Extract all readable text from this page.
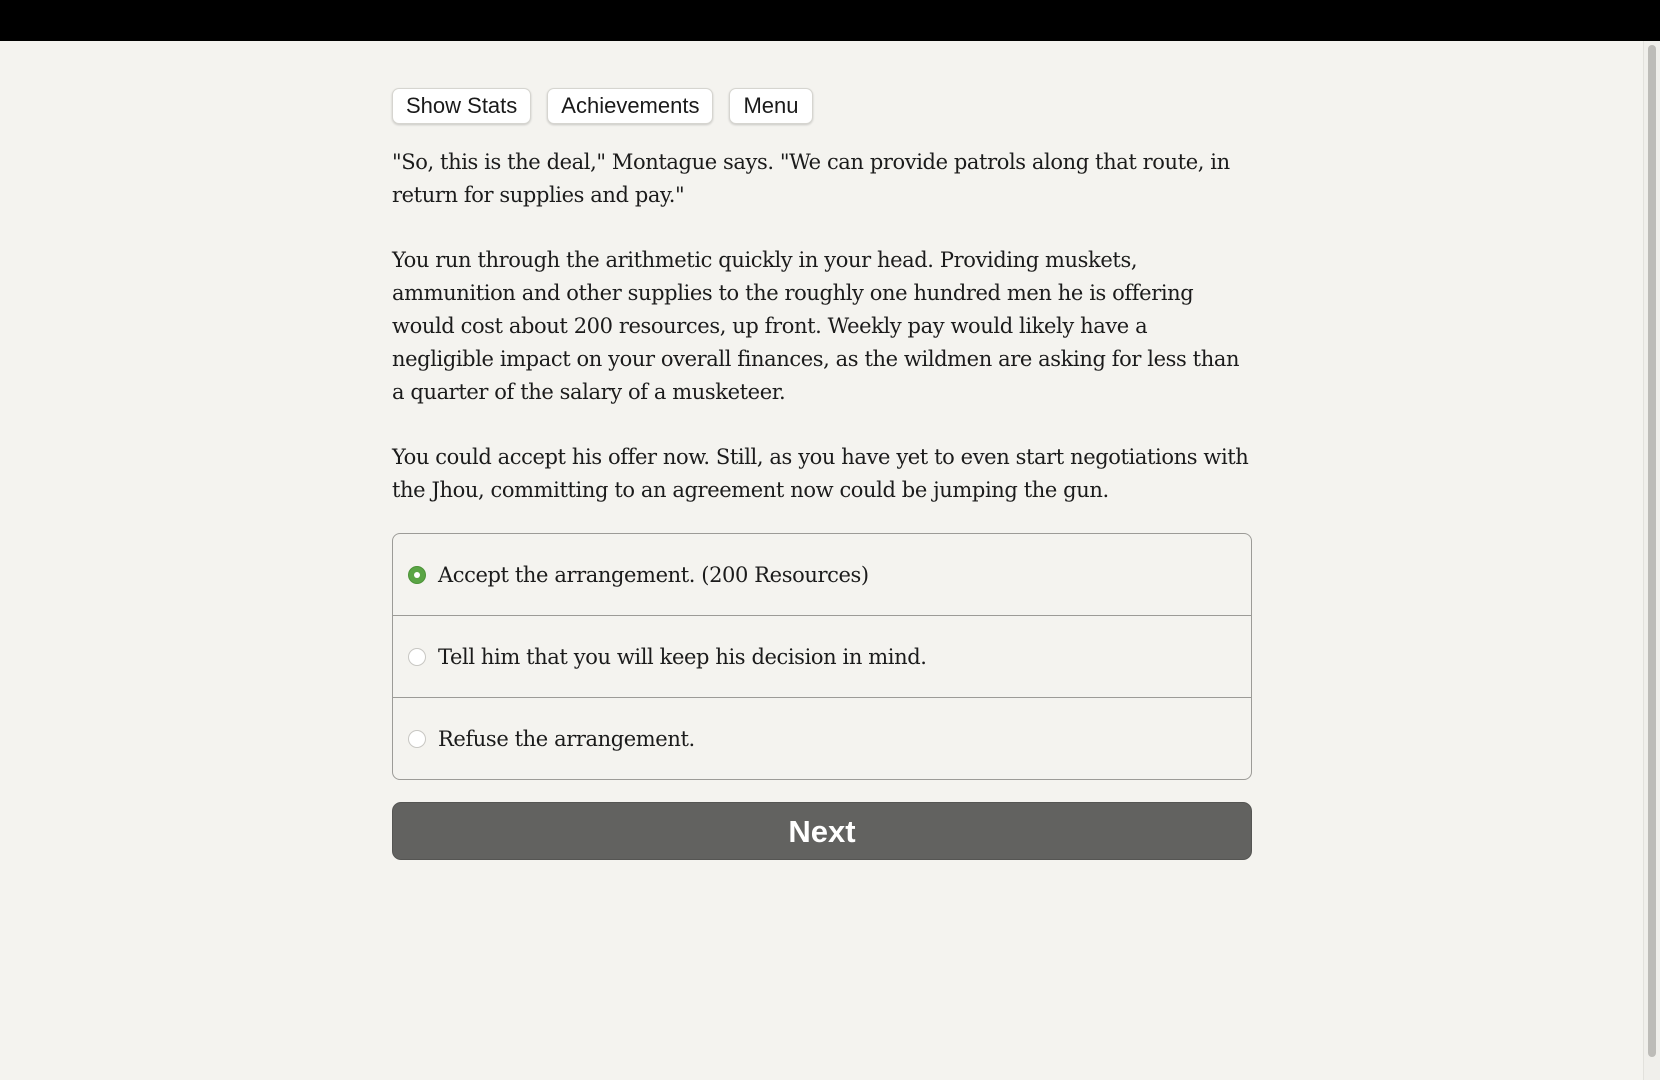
Show Stats	Achievements	Menu

"So, this is the deal," Montague says. "We can provide patrols along that route, in return for supplies and pay."

You run through the arithmetic quickly in your head. Providing muskets, ammunition and other supplies to the roughly one hundred men he is offering would cost about 200 resources, up front. Weekly pay would likely have a negligible impact on your overall finances, as the wildmen are asking for less than a quarter of the salary of a musketeer.

You could accept his offer now. Still, as you have yet to even start negotiations with the Jhou, committing to an agreement now could be jumping the gun.

Accept the arrangement. (200 Resources)
Tell him that you will keep his decision in mind.
Refuse the arrangement.
Next
